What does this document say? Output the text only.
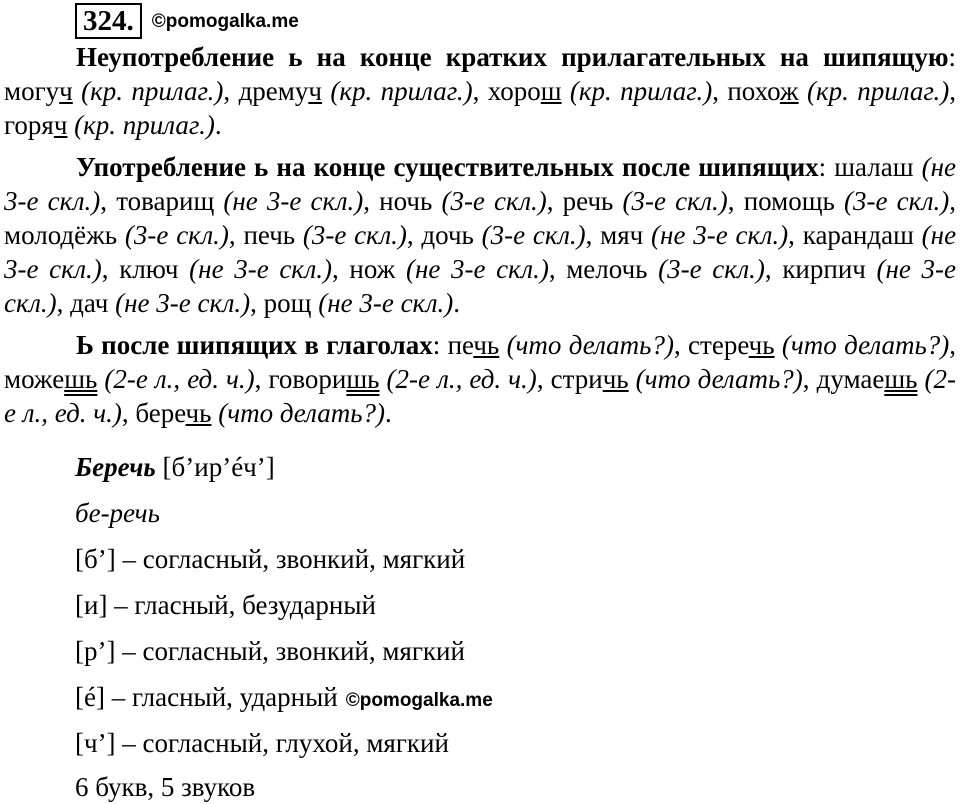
324. ©pomogalka.me

Неупотребление ь на конце кратких прилагательных на шипящую: могуч (кр. прилаг.), дремуч (кр. прилаг.), хорош (кр. прилаг.), похож (кр. прилаг.), горяч (кр. прилаг.).

Употребление ь на конце существительных после шипящих: шалаш (не 3-е скл.), товарищ (не 3-е скл.), ночь (3-е скл.), речь (3-е скл.), помощь (3-е скл.), молодёжь (3-е скл.), печь (3-е скл.), дочь (3-е скл.), мяч (не 3-е скл.), карандаш (не 3-е скл.), ключ (не 3-е скл.), нож (не 3-е скл.), мелочь (3-е скл.), кирпич (не 3-е скл.), дач (не 3-е скл.), рощ (не 3-е скл.).

Ь после шипящих в глаголах: печь (что делать?), стеречь (что делать?), можешь (2-е л., ед. ч.), говоришь (2-е л., ед. ч.), стричь (что делать?), думаешь (2-е л., ед. ч.), беречь (что делать?).

Беречь [б’ир’éч’]

бе-речь

[б’] – согласный, звонкий, мягкий

[и] – гласный, безударный

[р’] – согласный, звонкий, мягкий

[é] – гласный, ударный ©pomogalka.me

[ч’] – согласный, глухой, мягкий

6 букв, 5 звуков
